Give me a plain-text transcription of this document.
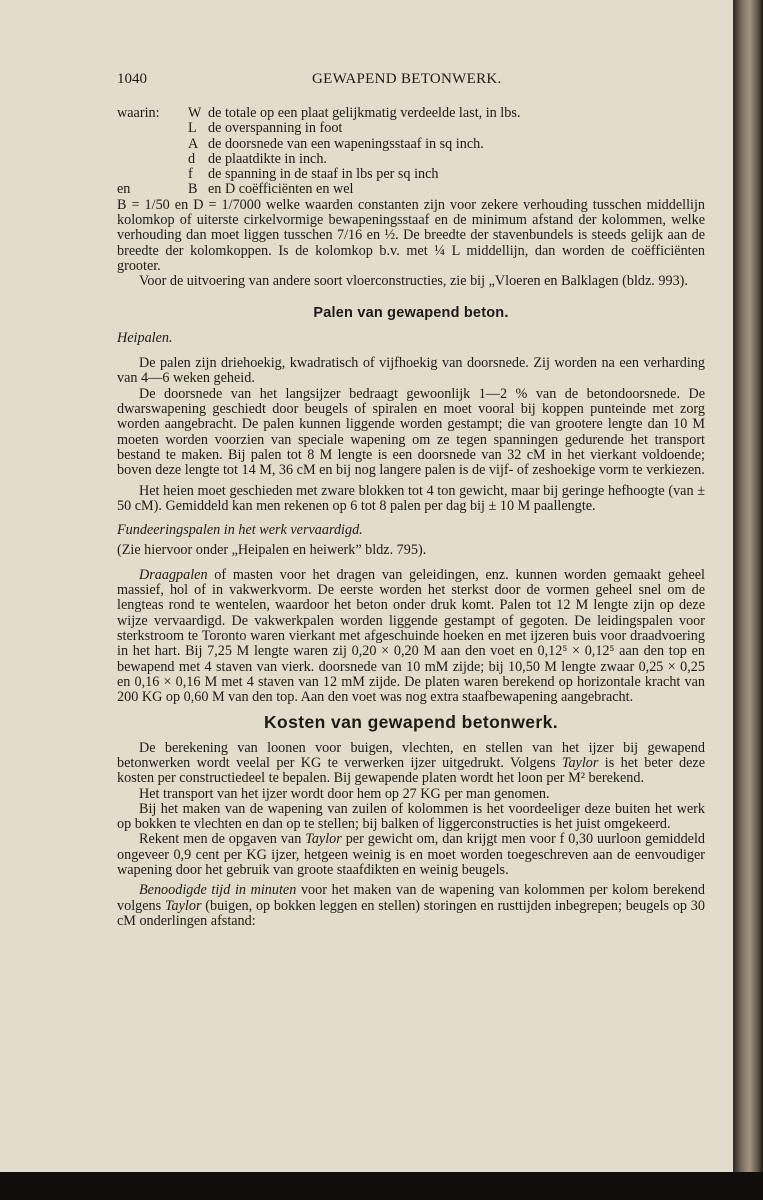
1040	GEWAPEND BETONWERK.
waarin:	W de totale op een plaat gelijkmatig verdeelde last, in lbs.
L de overspanning in foot
A de doorsnede van een wapeningsstaaf in sq inch.
d de plaatdikte in inch.
f	de spanning in de staaf in lbs per sq inch
en	B en D coëfficiënten en wel

B = 1/50 en D = 1/7000 welke waarden constanten zijn voor zekere verhouding tusschen middellijn kolomkop of uiterste cirkelvormige bewapeningsstaaf en de minimum afstand der kolommen, welke verhouding dan moet liggen tusschen 7/16 en ½. De breedte der stavenbundels is steeds gelijk aan de breedte der kolomkoppen. Is de kolomkop b.v. met ¼ L middellijn, dan worden de coëfficiënten grooter.

Voor de uitvoering van andere soort vloerconstructies, zie bij „Vloeren en Balklagen (bldz. 993).

Palen van gewapend beton.
Heipalen.

De palen zijn driehoekig, kwadratisch of vijfhoekig van doorsnede. Zij worden na een verharding van 4—6 weken geheid.

De doorsnede van het langsijzer bedraagt gewoonlijk 1—2 % van de betondoorsnede. De dwarswapening geschiedt door beugels of spiralen en moet vooral bij koppen punteinde met zorg worden aangebracht. De palen kunnen liggende worden gestampt; die van grootere lengte dan 10 M moeten worden voorzien van speciale wapening om ze tegen spanningen gedurende het transport bestand te maken. Bij palen tot 8 M lengte is een doorsnede van 32 cM in het vierkant voldoende; boven deze lengte tot 14 M, 36 cM en bij nog langere palen is de vijf- of zeshoekige vorm te verkiezen.

Het heien moet geschieden met zware blokken tot 4 ton gewicht, maar bij geringe hefhoogte (van ± 50 cM). Gemiddeld kan men rekenen op 6 tot 8 palen per dag bij ± 10 M paallengte.

Fundeeringspalen in het werk vervaardigd.

(Zie hiervoor onder „Heipalen en heiwerk” bldz. 795).

Draagpalen of masten voor het dragen van geleidingen, enz. kunnen worden gemaakt geheel massief, hol of in vakwerkvorm. De eerste worden het sterkst door de vormen geheel snel om de lengteas rond te wentelen, waardoor het beton onder druk komt. Palen tot 12 M lengte zijn op deze wijze vervaardigd. De vakwerkpalen worden liggende gestampt of gegoten. De leidingspalen voor sterkstroom te Toronto waren vierkant met afgeschuinde hoeken en met ijzeren buis voor draadvoering in het hart. Bij 7,25 M lengte waren zij 0,20 × 0,20 M aan den voet en 0,12⁵ × 0,12⁵ aan den top en bewapend met 4 staven van vierk. doorsnede van 10 mM zijde; bij 10,50 M lengte zwaar 0,25 × 0,25 en 0,16 × 0,16 M met 4 staven van 12 mM zijde. De platen waren berekend op horizontale kracht van 200 KG op 0,60 M van den top. Aan den voet was nog extra staafbewapening aangebracht.

Kosten van gewapend betonwerk.

De berekening van loonen voor buigen, vlechten, en stellen van het ijzer bij gewapend betonwerken wordt veelal per KG te verwerken ijzer uitgedrukt. Volgens Taylor is het beter deze kosten per constructiedeel te bepalen. Bij gewapende platen wordt het loon per M² berekend.

Het transport van het ijzer wordt door hem op 27 KG per man genomen.

Bij het maken van de wapening van zuilen of kolommen is het voordeeliger deze buiten het werk op bokken te vlechten en dan op te stellen; bij balken of liggerconstructies is het juist omgekeerd.

Rekent men de opgaven van Taylor per gewicht om, dan krijgt men voor f 0,30 uurloon gemiddeld ongeveer 0,9 cent per KG ijzer, hetgeen weinig is en moet worden toegeschreven aan de eenvoudiger wapening door het gebruik van groote staafdikten en weinig beugels.

Benoodigde tijd in minuten voor het maken van de wapening van kolommen per kolom berekend volgens Taylor (buigen, op bokken leggen en stellen) storingen en rusttijden inbegrepen; beugels op 30 cM onderlingen afstand:
